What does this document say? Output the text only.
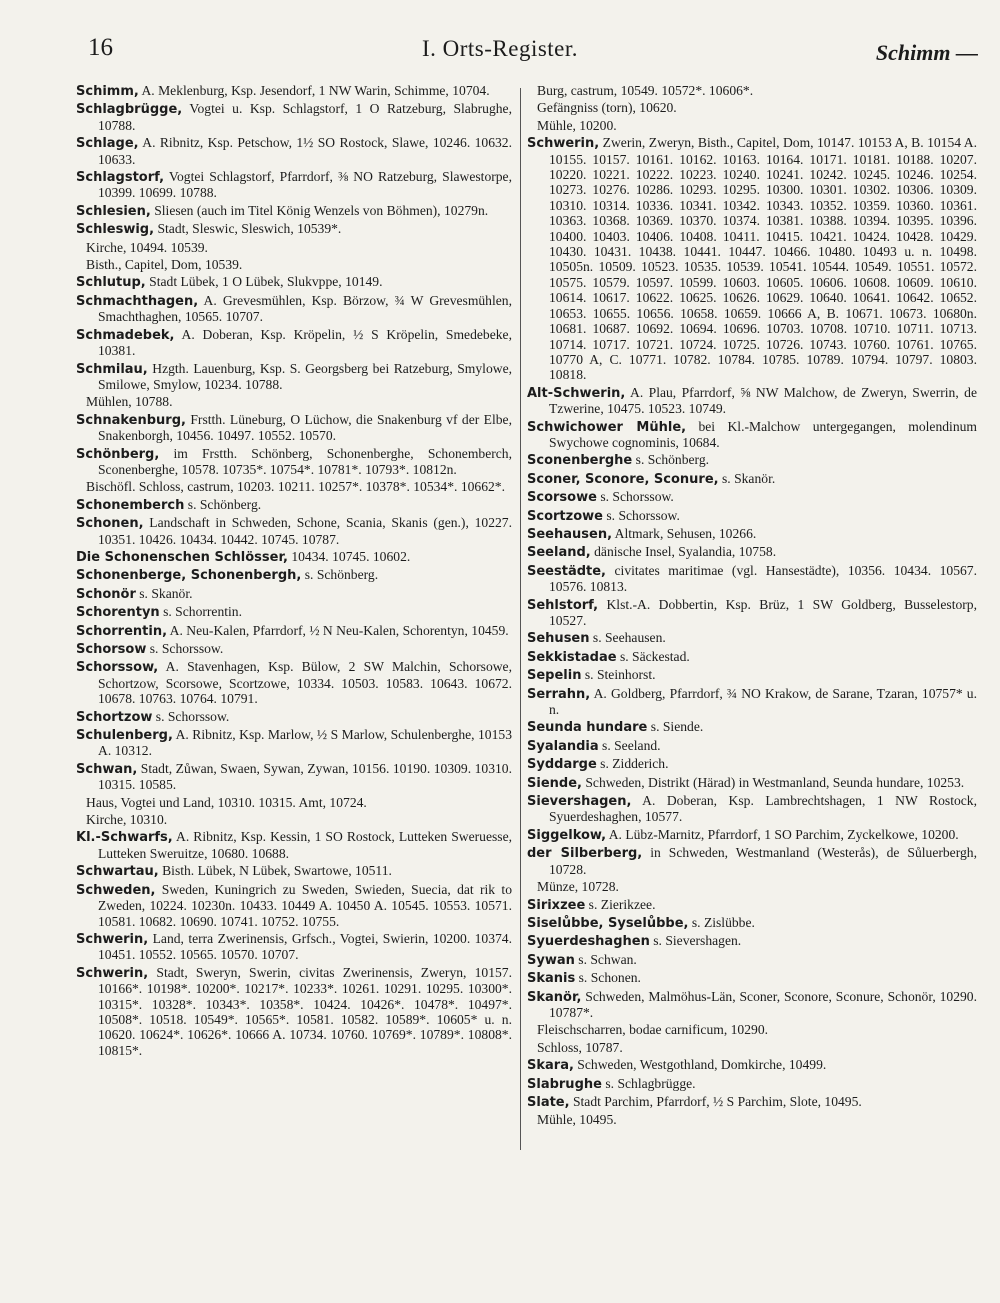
16	I. Orts-Register.	Schimm —
Schimm, A. Meklenburg, Ksp. Jesendorf, 1 NW Warin, Schimme, 10704.
Schlagbrügge, Vogtei u. Ksp. Schlagstorf, 1 O Ratzeburg, Slabrughe, 10788.
Schlage, A. Ribnitz, Ksp. Petschow, 1½ SO Rostock, Slawe, 10246. 10632. 10633.
Schlagstorf, Vogtei Schlagstorf, Pfarrdorf, ⅜ NO Ratzeburg, Slawestorpe, 10399. 10699. 10788.
Schlesien, Sliesen (auch im Titel König Wenzels von Böhmen), 10279n.
Schleswig, Stadt, Sleswic, Sleswich, 10539*.
Kirche, 10494. 10539.
Bisth., Capitel, Dom, 10539.
Schlutup, Stadt Lübek, 1 O Lübek, Slukvppe, 10149.
Schmachthagen, A. Grevesmühlen, Ksp. Börzow, ¾ W Grevesmühlen, Smachthaghen, 10565. 10707.
Schmadebek, A. Doberan, Ksp. Kröpelin, ½ S Kröpelin, Smedebeke, 10381.
Schmilau, Hzgth. Lauenburg, Ksp. S. Georgsberg bei Ratzeburg, Smylowe, Smilowe, Smylow, 10234. 10788.
Mühlen, 10788.
Schnakenburg, Frstth. Lüneburg, O Lüchow, die Snakenburg vf der Elbe, Snakenborgh, 10456. 10497. 10552. 10570.
Schönberg, im Frstth. Schönberg, Schonenberghe, Schonemberch, Sconenberghe, 10578. 10735*. 10754*. 10781*. 10793*. 10812n.
Bischöfl. Schloss, castrum, 10203. 10211. 10257*. 10378*. 10534*. 10662*.
Schonemberch s. Schönberg.
Schonen, Landschaft in Schweden, Schone, Scania, Skanis (gen.), 10227. 10351. 10426. 10434. 10442. 10745. 10787.
Die Schonenschen Schlösser, 10434. 10745. 10602.
Schonenberge, Schonenbergh, s. Schönberg.
Schonör s. Skanör.
Schorentyn s. Schorrentin.
Schorrentin, A. Neu-Kalen, Pfarrdorf, ½ N Neu-Kalen, Schorentyn, 10459.
Schorsow s. Schorssow.
Schorssow, A. Stavenhagen, Ksp. Bülow, 2 SW Malchin, Schorsowe, Schortzow, Scorsowe, Scortzowe, 10334. 10503. 10583. 10643. 10672. 10678. 10763. 10764. 10791.
Schortzow s. Schorssow.
Schulenberg, A. Ribnitz, Ksp. Marlow, ½ S Marlow, Schulenberghe, 10153 A. 10312.
Schwan, Stadt, Zůwan, Swaen, Sywan, Zywan, 10156. 10190. 10309. 10310. 10315. 10585.
Haus, Vogtei und Land, 10310. 10315. Amt, 10724.
Kirche, 10310.
Kl.-Schwarfs, A. Ribnitz, Ksp. Kessin, 1 SO Rostock, Lutteken Sweruesse, Lutteken Sweruitze, 10680. 10688.
Schwartau, Bisth. Lübek, N Lübek, Swartowe, 10511.
Schweden, Sweden, Kuningrich zu Sweden, Swieden, Suecia, dat rik to Zweden, 10224. 10230n. 10433. 10449 A. 10450 A. 10545. 10553. 10571. 10581. 10682. 10690. 10741. 10752. 10755.
Schwerin, Land, terra Zwerinensis, Grfsch., Vogtei, Swierin, 10200. 10374. 10451. 10552. 10565. 10570. 10707.
Schwerin, Stadt, Sweryn, Swerin, civitas Zwerinensis, Zweryn, 10157. 10166*. 10198*. 10200*. 10217*. 10233*. 10261. 10291. 10295. 10300*. 10315*. 10328*. 10343*. 10358*. 10424. 10426*. 10478*. 10497*. 10508*. 10518. 10549*. 10565*. 10581. 10582. 10589*. 10605* u. n. 10620. 10624*. 10626*. 10666 A. 10734. 10760. 10769*. 10789*. 10808*. 10815*.
Burg, castrum, 10549. 10572*. 10606*.
Gefängniss (torn), 10620.
Mühle, 10200.
Schwerin, Zwerin, Zweryn, Bisth., Capitel, Dom, 10147. 10153 A, B. 10154 A. 10155. 10157. 10161. 10162. 10163. 10164. 10171. 10181. 10188. 10207. 10220. 10221. 10222. 10223. 10240. 10241. 10242. 10245. 10246. 10254. 10273. 10276. 10286. 10293. 10295. 10300. 10301. 10302. 10306. 10309. 10310. 10314. 10336. 10341. 10342. 10343. 10352. 10359. 10360. 10361. 10363. 10368. 10369. 10370. 10374. 10381. 10388. 10394. 10395. 10396. 10400. 10403. 10406. 10408. 10411. 10415. 10421. 10424. 10428. 10429. 10430. 10431. 10438. 10441. 10447. 10466. 10480. 10493 u. n. 10498. 10505n. 10509. 10523. 10535. 10539. 10541. 10544. 10549. 10551. 10572. 10575. 10579. 10597. 10599. 10603. 10605. 10606. 10608. 10609. 10610. 10614. 10617. 10622. 10625. 10626. 10629. 10640. 10641. 10642. 10652. 10653. 10655. 10656. 10658. 10659. 10666 A, B. 10671. 10673. 10680n. 10681. 10687. 10692. 10694. 10696. 10703. 10708. 10710. 10711. 10713. 10714. 10717. 10721. 10724. 10725. 10726. 10743. 10760. 10761. 10765. 10770 A, C. 10771. 10782. 10784. 10785. 10789. 10794. 10797. 10803. 10818.
Alt-Schwerin, A. Plau, Pfarrdorf, ⅝ NW Malchow, de Zweryn, Swerrin, de Tzwerine, 10475. 10523. 10749.
Schwichower Mühle, bei Kl.-Malchow untergegangen, molendinum Swychowe cognominis, 10684.
Sconenberghe s. Schönberg.
Sconer, Sconore, Sconure, s. Skanör.
Scorsowe s. Schorssow.
Scortzowe s. Schorssow.
Seehausen, Altmark, Sehusen, 10266.
Seeland, dänische Insel, Syalandia, 10758.
Seestädte, civitates maritimae (vgl. Hansestädte), 10356. 10434. 10567. 10576. 10813.
Sehlstorf, Klst.-A. Dobbertin, Ksp. Brüz, 1 SW Goldberg, Busselestorp, 10527.
Sehusen s. Seehausen.
Sekkistadae s. Säckestad.
Sepelin s. Steinhorst.
Serrahn, A. Goldberg, Pfarrdorf, ¾ NO Krakow, de Sarane, Tzaran, 10757* u. n.
Seunda hundare s. Siende.
Syalandia s. Seeland.
Syddarge s. Zidderich.
Siende, Schweden, Distrikt (Härad) in Westmanland, Seunda hundare, 10253.
Sievershagen, A. Doberan, Ksp. Lambrechtshagen, 1 NW Rostock, Syuerdeshaghen, 10577.
Siggelkow, A. Lübz-Marnitz, Pfarrdorf, 1 SO Parchim, Zyckelkowe, 10200.
der Silberberg, in Schweden, Westmanland (Westerås), de Sůluerbergh, 10728.
Münze, 10728.
Sirixzee s. Zierikzee.
Siselůbbe, Syselůbbe, s. Zislübbe.
Syuerdeshaghen s. Sievershagen.
Sywan s. Schwan.
Skanis s. Schonen.
Skanör, Schweden, Malmöhus-Län, Sconer, Sconore, Sconure, Schonör, 10290. 10787*.
Fleischscharren, bodae carnificum, 10290.
Schloss, 10787.
Skara, Schweden, Westgothland, Domkirche, 10499.
Slabrughe s. Schlagbrügge.
Slate, Stadt Parchim, Pfarrdorf, ½ S Parchim, Slote, 10495.
Mühle, 10495.
